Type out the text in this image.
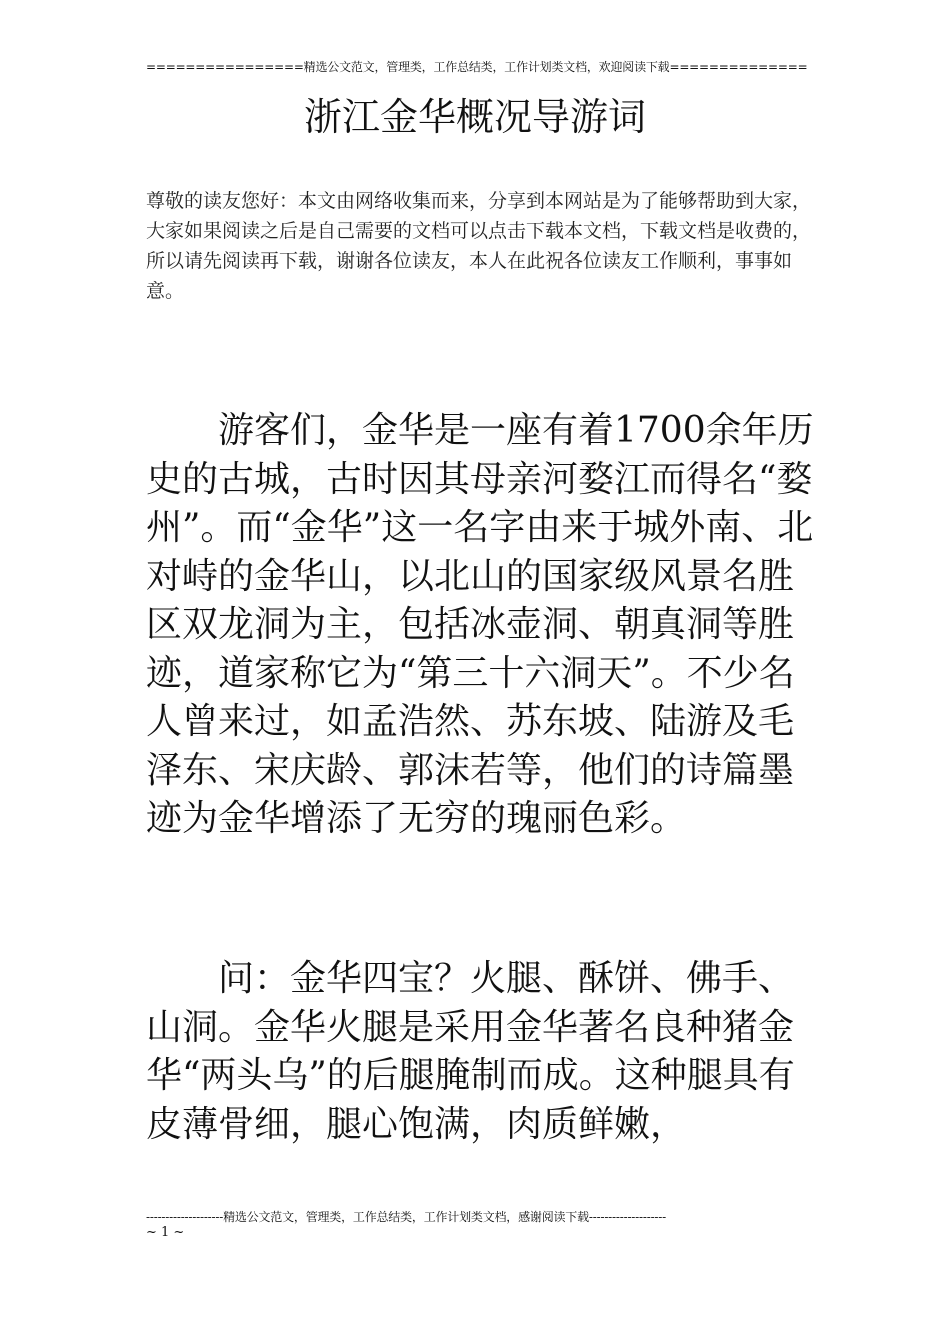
================精选公文范文，管理类，工作总结类，工作计划类文档，欢迎阅读下载==============
浙江金华概况导游词
尊敬的读友您好：本文由网络收集而来，分享到本网站是为了能够帮助到大家，大家如果阅读之后是自己需要的文档可以点击下载本文档，下载文档是收费的，所以请先阅读再下载，谢谢各位读友，本人在此祝各位读友工作顺利，事事如意。

游客们，金华是一座有着1700余年历史的古城，古时因其母亲河婺江而得名“婺州”。而“金华”这一名字由来于城外南、北对峙的金华山，以北山的国家级风景名胜区双龙洞为主，包括冰壶洞、朝真洞等胜迹，道家称它为“第三十六洞天”。不少名人曾来过，如孟浩然、苏东坡、陆游及毛泽东、宋庆龄、郭沫若等，他们的诗篇墨迹为金华增添了无穷的瑰丽色彩。

问：金华四宝？火腿、酥饼、佛手、山洞。金华火腿是采用金华著名良种猪金华“两头乌”的后腿腌制而成。这种腿具有皮薄骨细，腿心饱满，肉质鲜嫩，

--------------------精选公文范文，管理类，工作总结类，工作计划类文档，感谢阅读下载--------------------
~ 1 ~
